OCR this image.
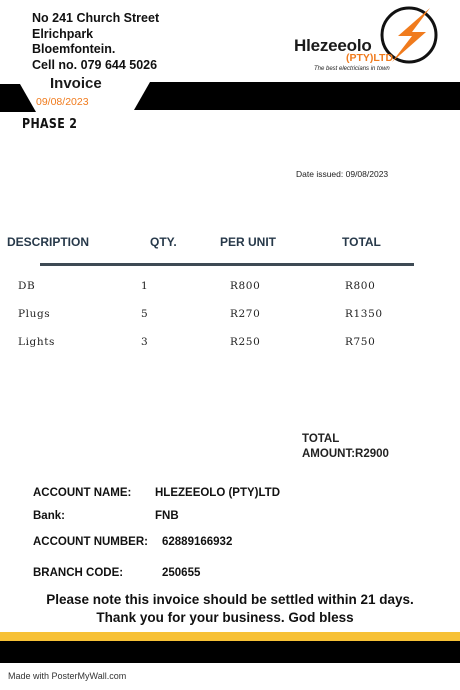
No 241 Church Street
Elrichpark
Bloemfontein.
Cell no. 079 644 5026
Hlezeeolo
(PTY)LTD
The best electricians in town
Invoice
09/08/2023
PHASE 2
Date issued: 09/08/2023
DESCRIPTION	QTY.	PER UNIT	TOTAL
DB	1	R800	R800
Plugs	5	R270	R1350
Lights	3	R250	R750
TOTAL
AMOUNT:R2900
ACCOUNT NAME: HLEZEEOLO (PTY)LTD
Bank:	FNB
ACCOUNT NUMBER: 62889166932
BRANCH CODE:	250655
Please note this invoice should be settled within 21 days.
Thank you for your business. God bless
Made with PosterMyWall.com
